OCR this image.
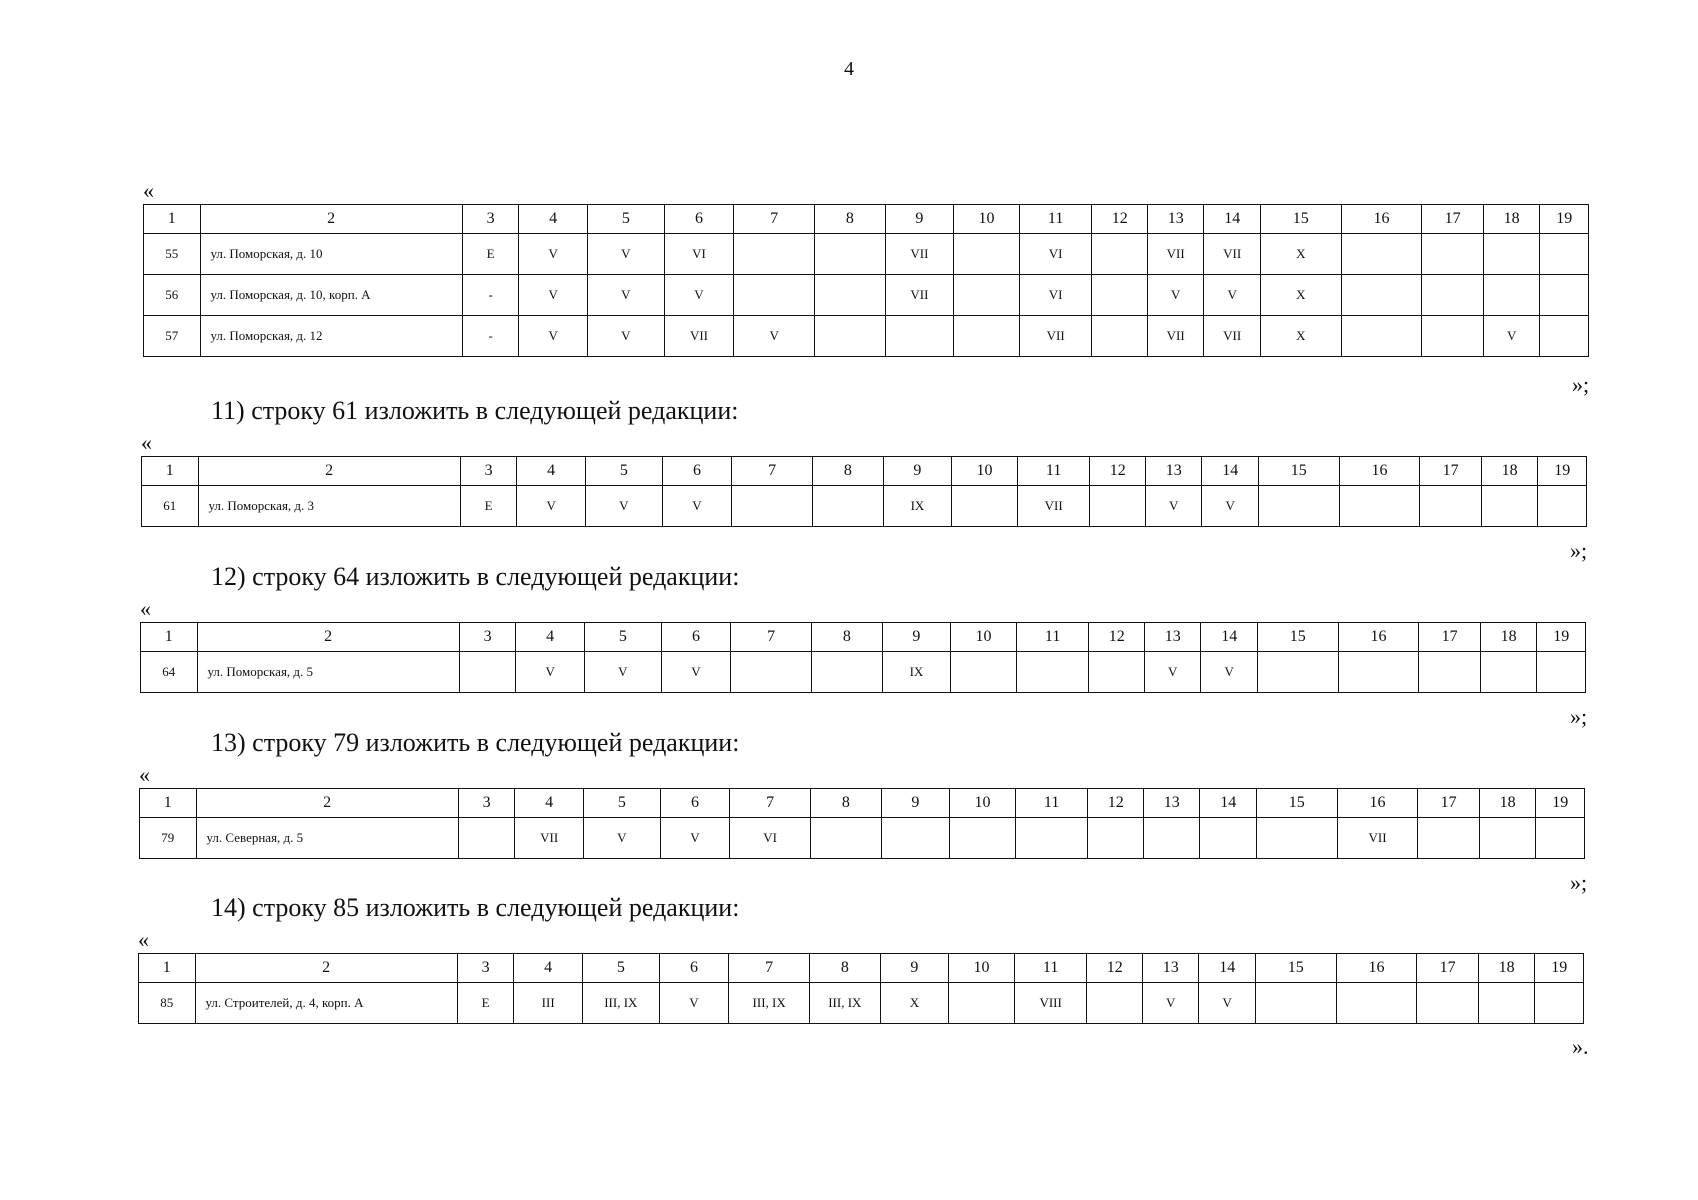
4
«
1	2	3	4	5	6	7	8	9	10	11	12	13	14	15	16	17	18	19
55	ул. Поморская, д. 10	Е	V	V	VI			VII		VI		VII	VII	X				
56	ул. Поморская, д. 10, корп. А	-	V	V	V			VII		VI		V	V	X				
57	ул. Поморская, д. 12	-	V	V	VII	V				VII		VII	VII	X			V	
»;
11) строку 61 изложить в следующей редакции:
«
1	2	3	4	5	6	7	8	9	10	11	12	13	14	15	16	17	18	19
61	ул. Поморская, д. 3	Е	V	V	V			IX		VII		V	V					
»;
12) строку 64 изложить в следующей редакции:
«
1	2	3	4	5	6	7	8	9	10	11	12	13	14	15	16	17	18	19
64	ул. Поморская, д. 5		V	V	V			IX				V	V					
»;
13) строку 79 изложить в следующей редакции:
«
1	2	3	4	5	6	7	8	9	10	11	12	13	14	15	16	17	18	19
79	ул. Северная, д. 5		VII	V	V	VI									VII			
»;
14) строку 85 изложить в следующей редакции:
«
1	2	3	4	5	6	7	8	9	10	11	12	13	14	15	16	17	18	19
85	ул. Строителей, д. 4, корп. А	Е	III	III, IX	V	III, IX	III, IX	X		VIII		V	V					
».
